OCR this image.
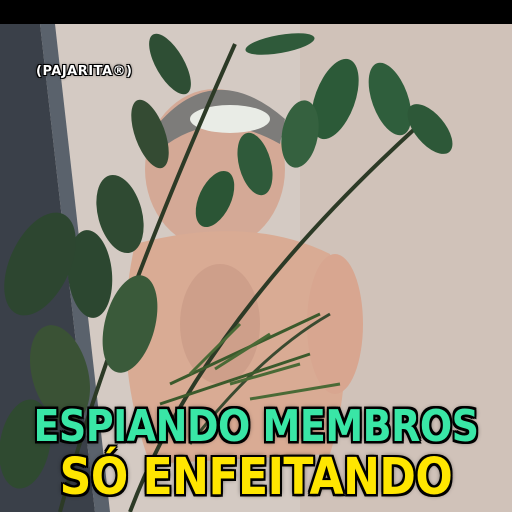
(PAJARITA®)
ESPIANDO MEMBROS
SÓ ENFEITANDO
